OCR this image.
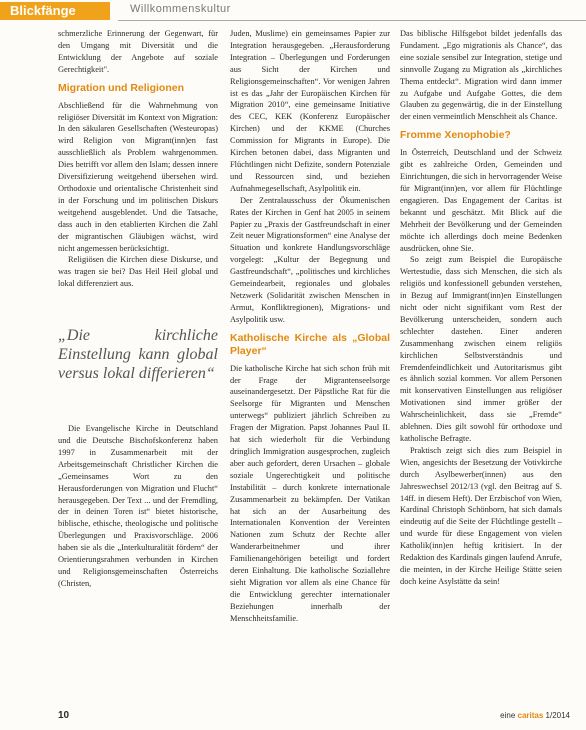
Blickfänge	Willkommenskultur

schmerzliche Erinnerung der Gegenwart, für den Umgang mit Diversität und die Entwicklung der Angebote auf soziale Gerechtigkeit".

Migration und Religionen

Abschließend für die Wahrnehmung von religiöser Diversität im Kontext von Migration: In den säkularen Gesellschaften (Westeuropas) wird Religion von Migrant(inn)en fast ausschließlich als Problem wahrgenommen. Dies betrifft vor allem den Islam; dessen innere Diversifizierung weitgehend übersehen wird. Orthodoxie und orientalische Christenheit sind in der Forschung und im politischen Diskurs weitgehend ausgeblendet. Und die Tatsache, dass auch in den etablierten Kirchen die Zahl der migrantischen Gläubigen wächst, wird nicht angemessen berücksichtigt.

Religiösen die Kirchen diese Diskurse, und was tragen sie bei? Das Heil Heil global und lokal differenziert aus.

„Die kirchliche Einstellung kann global versus lokal differieren“

Die Evangelische Kirche in Deutschland und die Deutsche Bischofskonferenz haben 1997 in Zusammenarbeit mit der Arbeitsgemeinschaft Christlicher Kirchen die „Gemeinsames Wort zu den Herausforderungen von Migration und Flucht“ herausgegeben. Der Text ... und der Fremdling, der in deinen Toren ist“ bietet historische, biblische, ethische, theologische und politische Überlegungen und Praxisvorschläge. 2006 haben sie als die „Interkulturalität fördern“ der Orientierungsrahmen verbunden in Kirchen und Religionsgemeinschaften Österreichs (Christen,

Juden, Muslime) ein gemeinsames Papier zur Integration herausgegeben. „Herausforderung Integration – Überlegungen und Forderungen aus Sicht der Kirchen und Religionsgemeinschaften“. Vor wenigen Jahren ist es das „Jahr der Europäischen Kirchen für Migration 2010“, eine gemeinsame Initiative des CEC, KEK (Konferenz Europäischer Kirchen) und der KKME (Churches Commission for Migrants in Europe). Die Kirchen betonen dabei, dass Migranten und Flüchtlingen nicht Defizite, sondern Potenziale und Ressourcen sind, und beziehen Aufnahmegesellschaft, Asylpolitik ein.

Der Zentralausschuss der Ökumenischen Rates der Kirchen in Genf hat 2005 in seinem Papier zu „Praxis der Gastfreundschaft in einer Zeit neuer Migrationsformen“ eine Analyse der Situation und konkrete Handlungsvorschläge vorgelegt: „Kultur der Begegnung und Gastfreundschaft“, „politisches und kirchliches Gemeindearbeit, regionales und globales Netzwerk (Solidarität zwischen Menschen in Armut, Konfliktregionen), Migrations- und Asylpolitik usw.

Katholische Kirche als „Global Player“

Die katholische Kirche hat sich schon früh mit der Frage der Migrantenseelsorge auseinandergesetzt. Der Päpstliche Rat für die Seelsorge für Migranten und Menschen unterwegs“ publiziert jährlich Schreiben zu Fragen der Migration. Papst Johannes Paul II. hat sich wiederholt für die Verbindung dringlich Immigration ausgesprochen, zugleich aber auch gefordert, deren Ursachen – globale soziale Ungerechtigkeit und politische Instabilität – durch konkrete internationale Zusammenarbeit zu bekämpfen. Der Vatikan hat sich an der Ausarbeitung des Internationalen Konvention der Vereinten Nationen zum Schutz der Rechte aller Wanderarbeitnehmer und ihrer Familienangehörigen beteiligt und fordert deren Einhaltung. Die katholische Soziallehre sieht Migration vor allem als eine Chance für die Entwicklung gerechter internationaler Beziehungen innerhalb der Menschheitsfamilie.

Das biblische Hilfsgebot bildet jedenfalls das Fundament. „Ego migrationis als Chance“, das eine soziale sensibel zur Integration, stetige und sinnvolle Zugang zu Migration als „kirchliches Thema entdeckt“. Migration wird dann immer zu Aufgabe und Aufgabe Gottes, die dem Glauben zu gegenwärtig, die in der Einstellung der einen vermeintlich Menschheit als Chance.

Fromme Xenophobie?

In Österreich, Deutschland und der Schweiz gibt es zahlreiche Orden, Gemeinden und Einrichtungen, die sich in hervorragender Weise für Migrant(inn)en, vor allem für Flüchtlinge engagieren. Das Engagement der Caritas ist bekannt und geschätzt. Mit Blick auf die Mehrheit der Bevölkerung und der Gemeinden möchte ich allerdings doch meine Bedenken ausdrücken, ohne Sie.

So zeigt zum Beispiel die Europäische Wertestudie, dass sich Menschen, die sich als religiös und konfessionell gebunden verstehen, in Bezug auf Immigrant(inn)en Einstellungen nicht oder nicht signifikant vom Rest der Bevölkerung unterscheiden, sondern auch schlechter dastehen. Einer anderen Zusammenhang zwischen einem religiös kirchlichen Selbstverständnis und Fremdenfeindlichkeit und Autoritarismus gibt es ähnlich sozial kommen. Vor allem Personen mit konservativen Einstellungen aus religiöser Motivationen sind immer größer der Wahrscheinlichkeit, dass sie „Fremde“ ablehnen. Dies gilt sowohl für orthodoxe und katholische Befragte.

Praktisch zeigt sich dies zum Beispiel in Wien, angesichts der Besetzung der Votivkirche durch Asylbewerber(innen) aus den Jahreswechsel 2012/13 (vgl. den Beitrag auf S. 14ff. in diesem Heft). Der Erzbischof von Wien, Kardinal Christoph Schönborn, hat sich damals eindeutig auf die Seite der Flüchtlinge gestellt – und wurde für diese Engagement von vielen Katholik(inn)en heftig kritisiert. In der Redaktion des Kardinals gingen laufend Anrufe, die meinten, in der Kirche Heilige Stätte seien doch keine Asylstätte da sein!

10	eine caritas 1/2014
